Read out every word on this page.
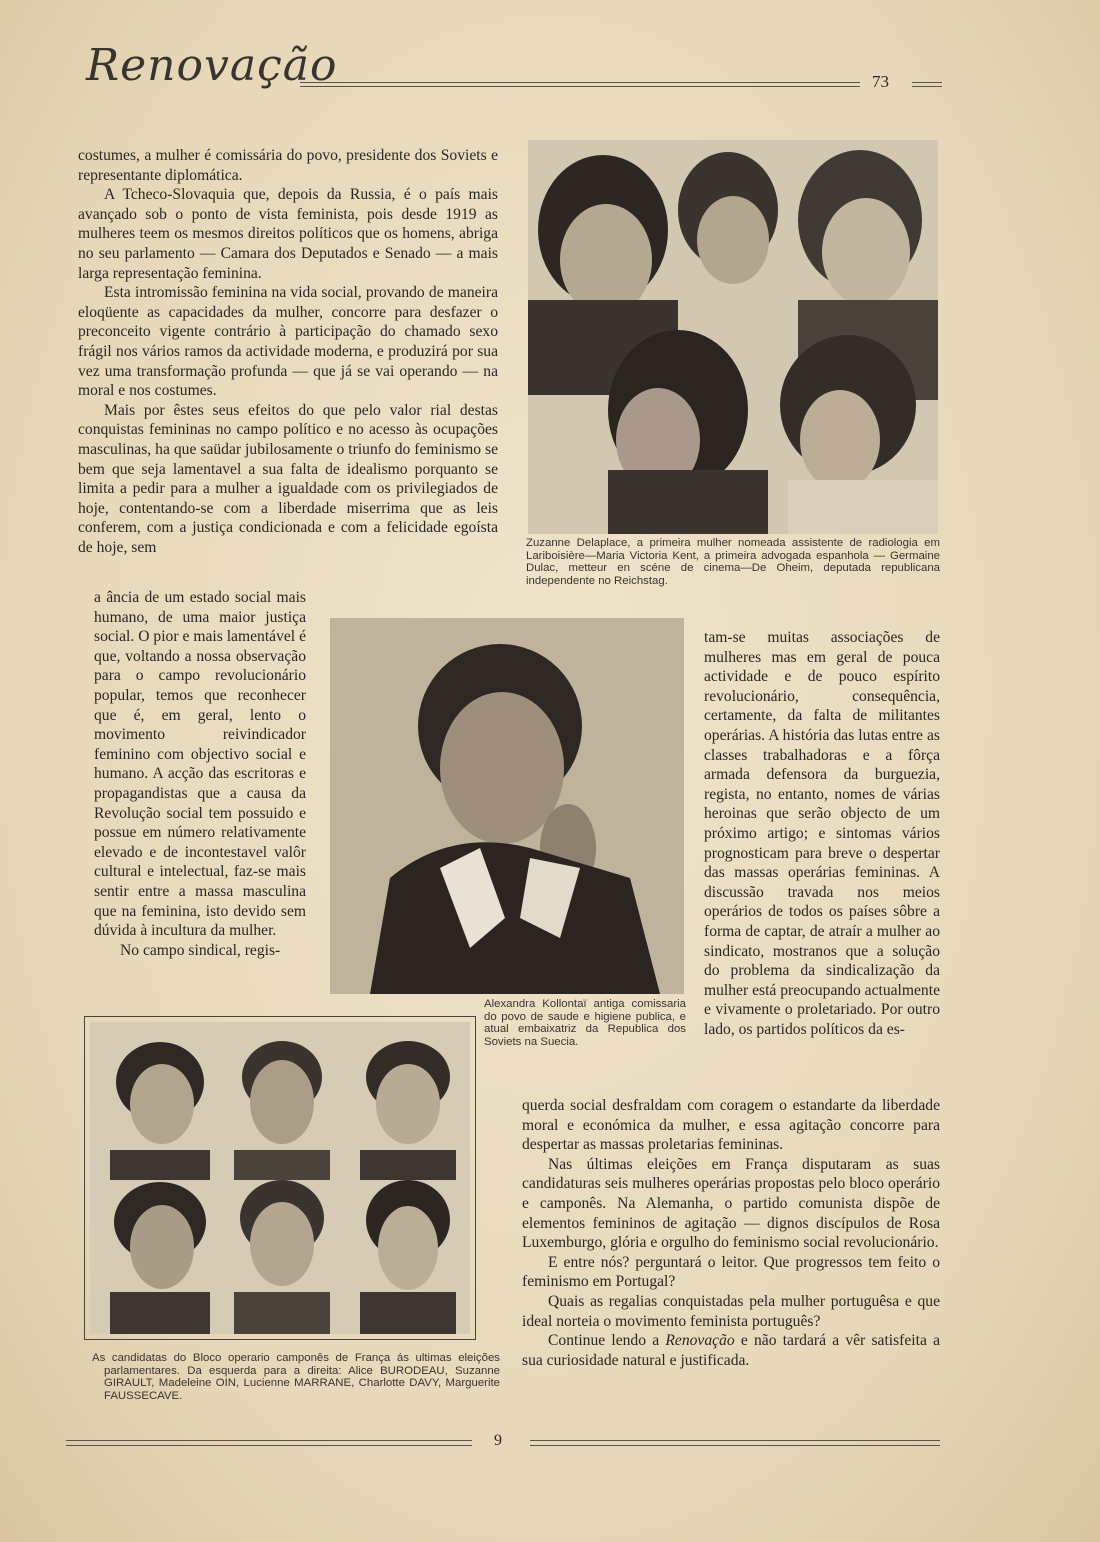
Renovação	73

costumes, a mulher é comissária do povo, presidente dos Soviets e representante diplomática.

A Tcheco-Slovaquia que, depois da Russia, é o país mais avançado sob o ponto de vista feminista, pois desde 1919 as mulheres teem os mesmos direitos políticos que os homens, abriga no seu parlamento — Camara dos Deputados e Senado — a mais larga representação feminina.

Esta intromissão feminina na vida social, provando de maneira eloqüente as capacidades da mulher, concorre para desfazer o preconceito vigente contrário à participação do chamado sexo frágil nos vários ramos da actividade moderna, e produzirá por sua vez uma transformação profunda — que já se vai operando — na moral e nos costumes.

Mais por êstes seus efeitos do que pelo valor rial destas conquistas femininas no campo político e no acesso às ocupações masculinas, ha que saüdar jubilosamente o triunfo do feminismo se bem que seja lamentavel a sua falta de idealismo porquanto se limita a pedir para a mulher a igualdade com os privilegiados de hoje, contentando-se com a liberdade miserrima que as leis conferem, com a justiça condicionada e com a felicidade egoísta de hoje, sem	Zuzanne Delaplace, a primeira mulher nomeada assistente de radiologia em Lariboisière—Maria Victoria Kent, a primeira advogada espanhola — Germaine Dulac, metteur en scéne de cinema—De Oheim, deputada republicana independente no Reichstag.

a ância de um estado social mais humano, de uma maior justiça social. O pior e mais lamentável é que, voltando a nossa observação para o campo revolucionário popular, temos que reconhecer que é, em geral, lento o movimento reivindicador feminino com objectivo social e humano. A acção das escritoras e propagandistas que a causa da Revolução social tem possuido e possue em número relativamente elevado e de incontestavel valôr cultural e intelectual, faz-se mais sentir entre a massa masculina que na feminina, isto devido sem dúvida à incultura da mulher.

No campo sindical, regis-

Alexandra Kollontaï antiga comissaria do povo de saude e higiene publica, e atual embaixatriz da Republica dos Soviets na Suecia.

tam-se muitas associações de mulheres mas em geral de pouca actividade e de pouco espírito revolucionário, consequência, certamente, da falta de militantes operárias. A história das lutas entre as classes trabalhadoras e a fôrça armada defensora da burguezia, regista, no entanto, nomes de várias heroinas que serão objecto de um próximo artigo; e sintomas vários prognosticam para breve o despertar das massas operárias femininas. A discussão travada nos meios operários de todos os países sôbre a forma de captar, de atraír a mulher ao sindicato, mostranos que a solução do problema da sindicalização da mulher está preocupando actualmente e vivamente o proletariado. Por outro lado, os partidos políticos da es-

As candidatas do Bloco operario camponês de França ás ultimas eleições parlamentares. Da esquerda para a direita: Alice BURODEAU, Suzanne GIRAULT, Madeleine OIN, Lucienne MARRANE, Charlotte DAVY, Marguerite FAUSSECAVE.

querda social desfraldam com coragem o estandarte da liberdade moral e económica da mulher, e essa agitação concorre para despertar as massas proletarias femininas.

Nas últimas eleições em França disputaram as suas candidaturas seis mulheres operárias propostas pelo bloco operário e camponês. Na Alemanha, o partido comunista dispõe de elementos femininos de agitação — dignos discípulos de Rosa Luxemburgo, glória e orgulho do feminismo social revolucionário.

E entre nós? perguntará o leitor. Que progressos tem feito o feminismo em Portugal?

Quais as regalias conquistadas pela mulher portuguêsa e que ideal norteia o movimento feminista português?

Continue lendo a Renovação e não tardará a vêr satisfeita a sua curiosidade natural e justificada.

9
